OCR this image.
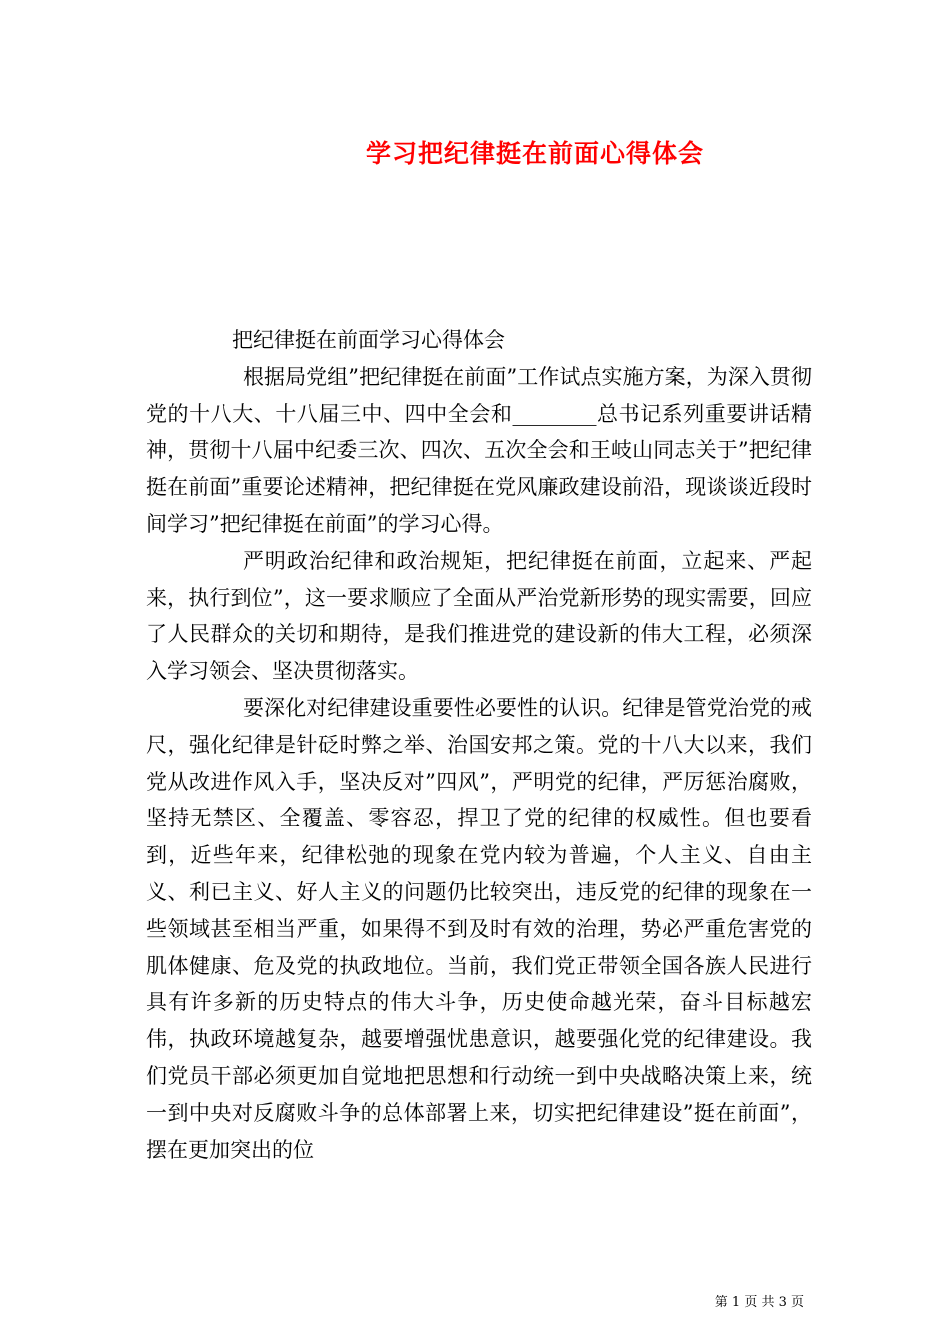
学习把纪律挺在前面心得体会

把纪律挺在前面学习心得体会

根据局党组”把纪律挺在前面”工作试点实施方案，为深入贯彻党的十八大、十八届三中、四中全会和________总书记系列重要讲话精神，贯彻十八届中纪委三次、四次、五次全会和王岐山同志关于”把纪律挺在前面”重要论述精神，把纪律挺在党风廉政建设前沿，现谈谈近段时间学习”把纪律挺在前面”的学习心得。

严明政治纪律和政治规矩，把纪律挺在前面，立起来、严起来，执行到位”，这一要求顺应了全面从严治党新形势的现实需要，回应了人民群众的关切和期待，是我们推进党的建设新的伟大工程，必须深入学习领会、坚决贯彻落实。

要深化对纪律建设重要性必要性的认识。纪律是管党治党的戒尺，强化纪律是针砭时弊之举、治国安邦之策。党的十八大以来，我们党从改进作风入手，坚决反对”四风”，严明党的纪律，严厉惩治腐败，坚持无禁区、全覆盖、零容忍，捍卫了党的纪律的权威性。但也要看到，近些年来，纪律松弛的现象在党内较为普遍，个人主义、自由主义、利已主义、好人主义的问题仍比较突出，违反党的纪律的现象在一些领域甚至相当严重，如果得不到及时有效的治理，势必严重危害党的肌体健康、危及党的执政地位。当前，我们党正带领全国各族人民进行具有许多新的历史特点的伟大斗争，历史使命越光荣，奋斗目标越宏伟，执政环境越复杂，越要增强忧患意识，越要强化党的纪律建设。我们党员干部必须更加自觉地把思想和行动统一到中央战略决策上来，统一到中央对反腐败斗争的总体部署上来，切实把纪律建设”挺在前面”，摆在更加突出的位

第 1 页 共 3 页
